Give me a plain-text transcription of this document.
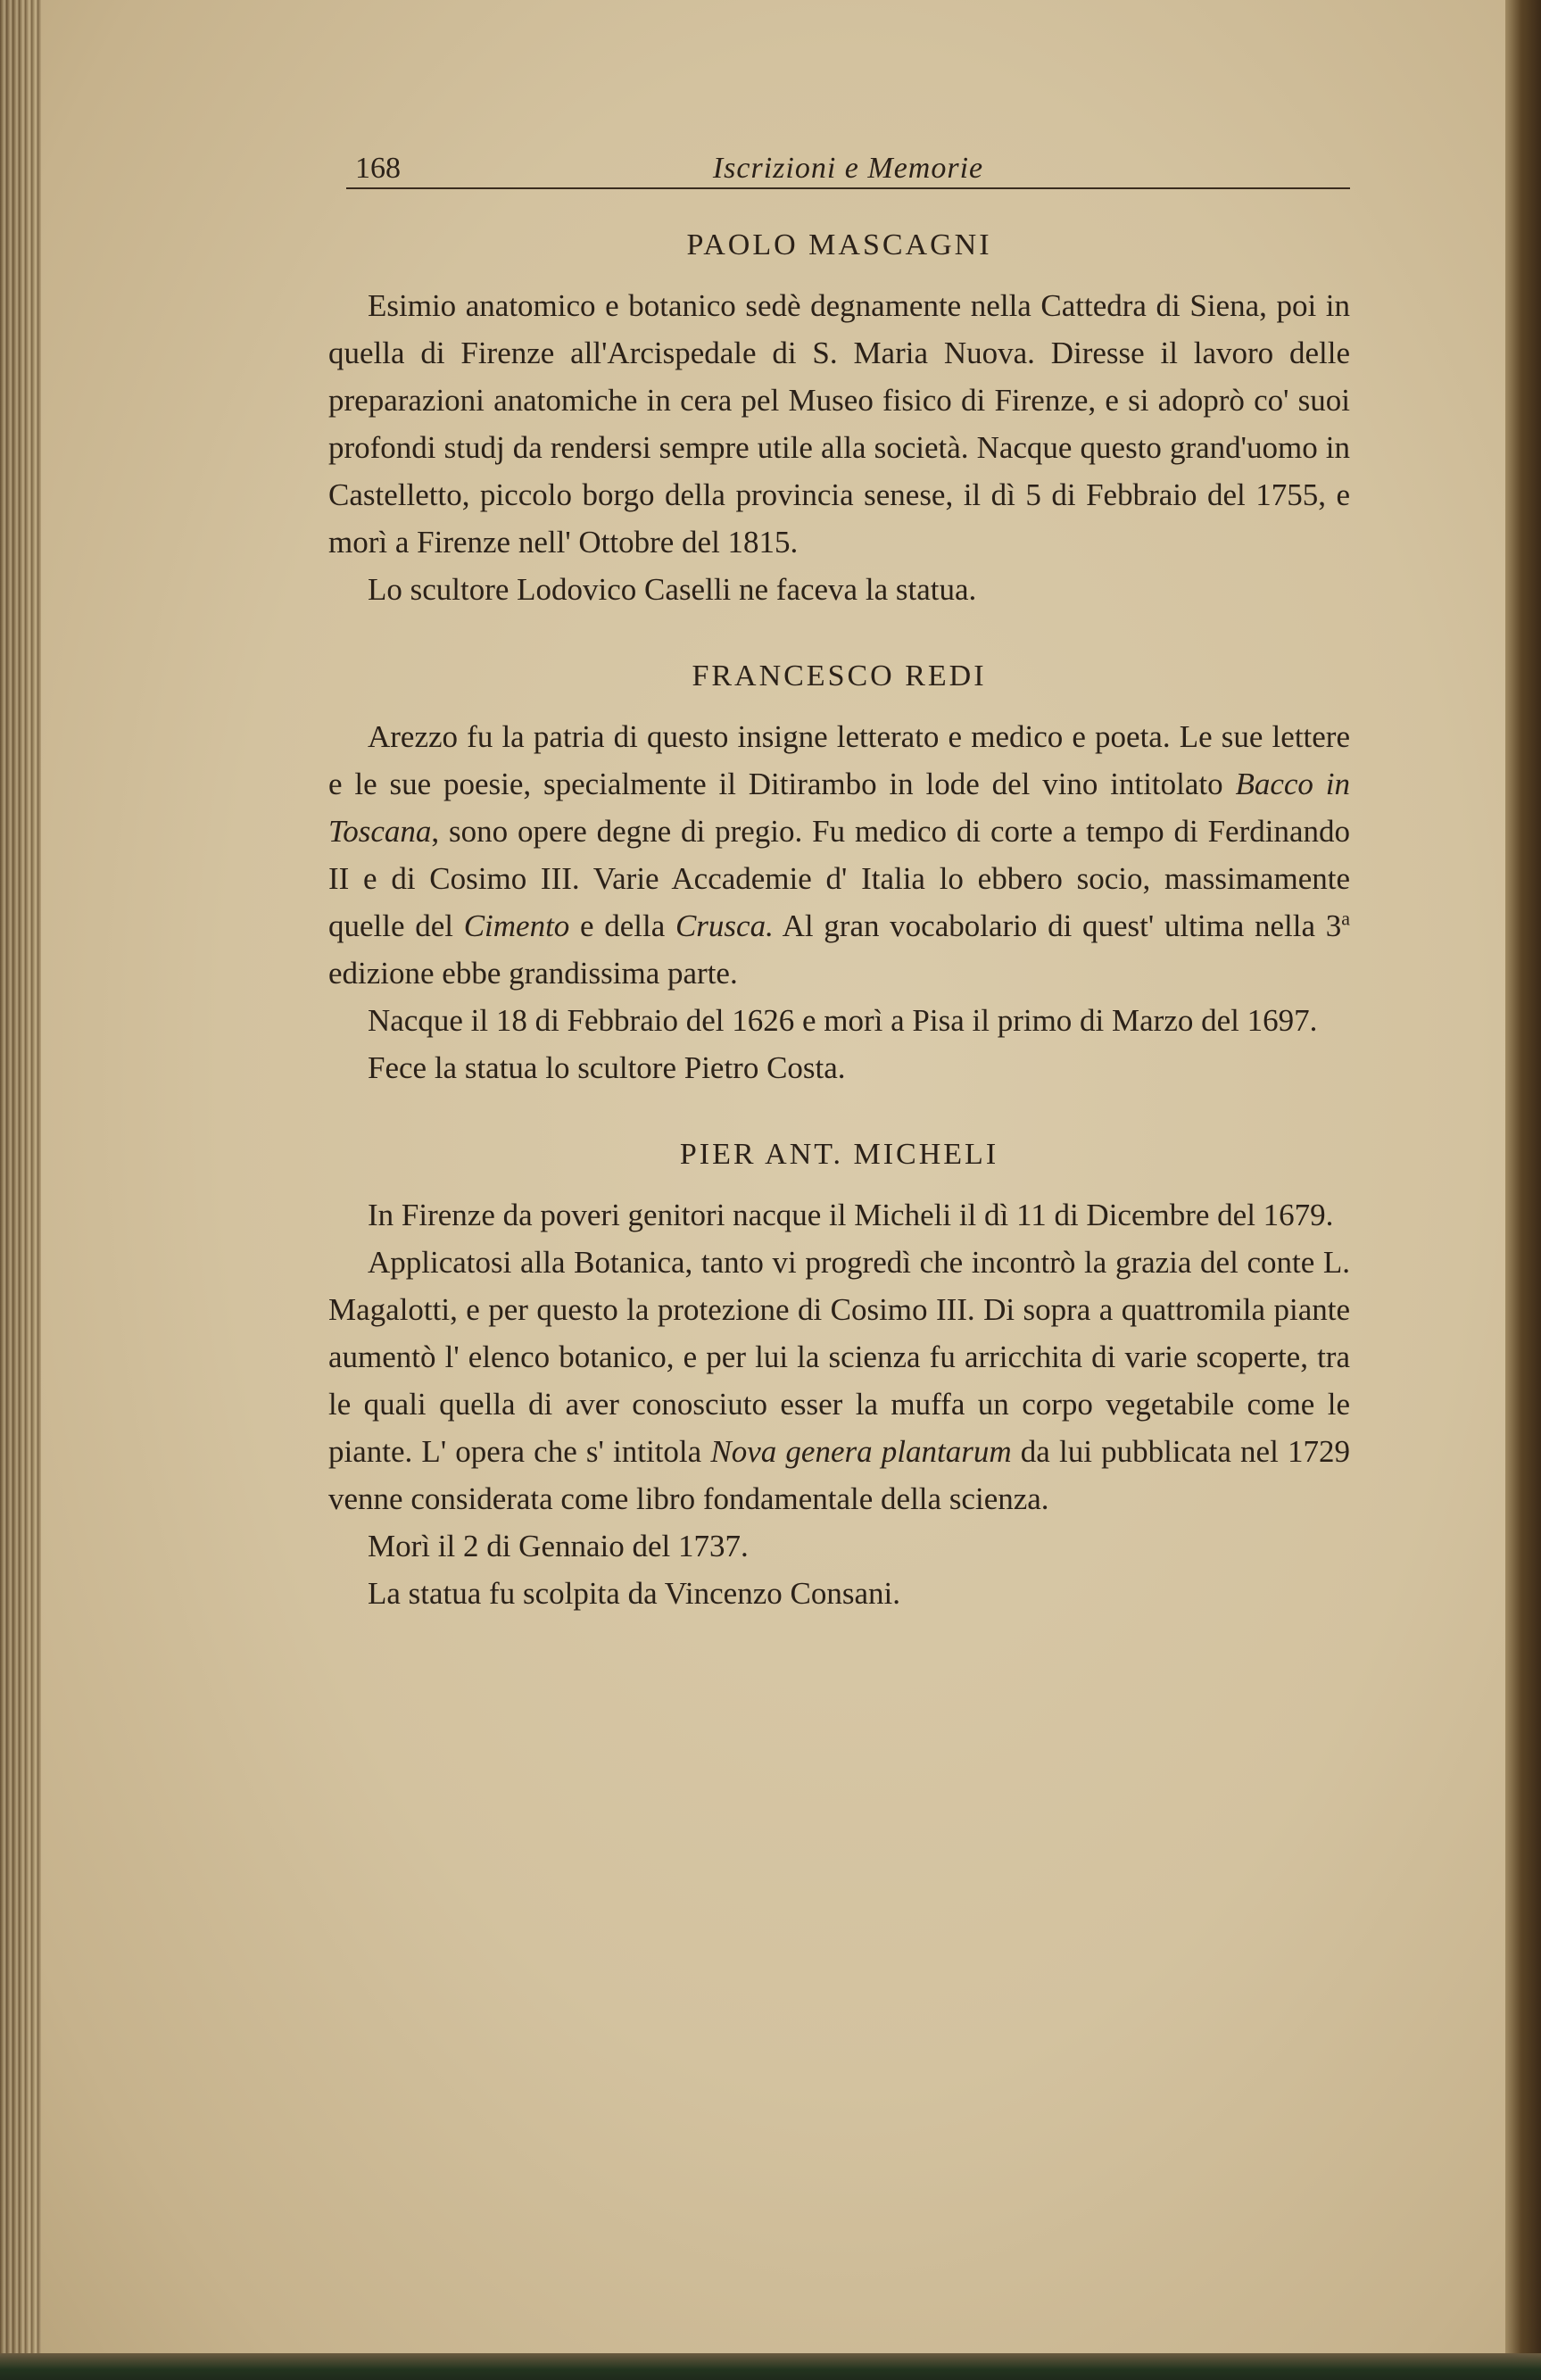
168	Iscrizioni e Memorie
PAOLO MASCAGNI

Esimio anatomico e botanico sedè degnamente nella Cattedra di Siena, poi in quella di Firenze all'Arcispedale di S. Maria Nuova. Diresse il lavoro delle preparazioni anatomiche in cera pel Museo fisico di Firenze, e si adoprò co' suoi profondi studj da rendersi sempre utile alla società. Nacque questo grand'uomo in Castelletto, piccolo borgo della provincia senese, il dì 5 di Febbraio del 1755, e morì a Firenze nell' Ottobre del 1815.

Lo scultore Lodovico Caselli ne faceva la statua.

FRANCESCO REDI

Arezzo fu la patria di questo insigne letterato e medico e poeta. Le sue lettere e le sue poesie, specialmente il Ditirambo in lode del vino intitolato Bacco in Toscana, sono opere degne di pregio. Fu medico di corte a tempo di Ferdinando II e di Cosimo III. Varie Accademie d' Italia lo ebbero socio, massimamente quelle del Cimento e della Crusca. Al gran vocabolario di quest' ultima nella 3$^a$ edizione ebbe grandissima parte.

Nacque il 18 di Febbraio del 1626 e morì a Pisa il primo di Marzo del 1697.

Fece la statua lo scultore Pietro Costa.

PIER ANT. MICHELI

In Firenze da poveri genitori nacque il Micheli il dì 11 di Dicembre del 1679.

Applicatosi alla Botanica, tanto vi progredì che incontrò la grazia del conte L. Magalotti, e per questo la protezione di Cosimo III. Di sopra a quattromila piante aumentò l' elenco botanico, e per lui la scienza fu arricchita di varie scoperte, tra le quali quella di aver conosciuto esser la muffa un corpo vegetabile come le piante. L' opera che s' intitola Nova genera plantarum da lui pubblicata nel 1729 venne considerata come libro fondamentale della scienza.

Morì il 2 di Gennaio del 1737.

La statua fu scolpita da Vincenzo Consani.
